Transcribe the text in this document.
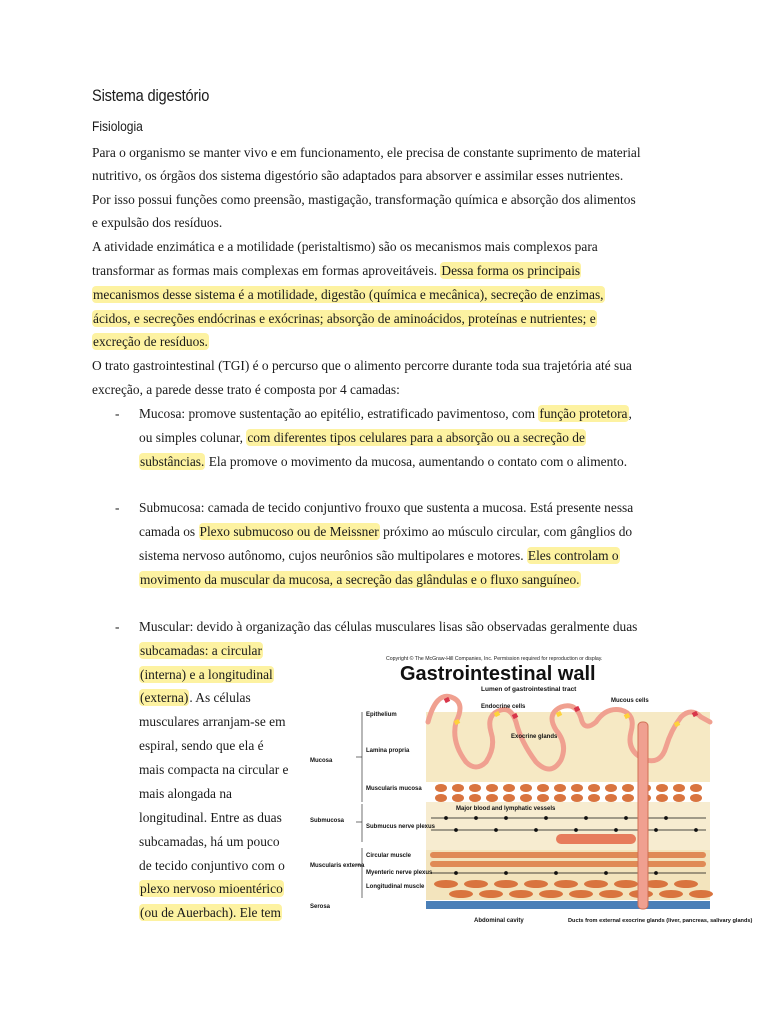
Sistema digestório
Fisiologia
Para o organismo se manter vivo e em funcionamento, ele precisa de constante suprimento de material
nutritivo, os órgãos dos sistema digestório são adaptados para absorver e assimilar esses nutrientes.
Por isso possui funções como preensão, mastigação, transformação química e absorção dos alimentos
e expulsão dos resíduos.
A atividade enzimática e a motilidade (peristaltismo) são os mecanismos mais complexos para
transformar as formas mais complexas em formas aproveitáveis. Dessa forma os principais
mecanismos desse sistema é a motilidade, digestão (química e mecânica), secreção de enzimas,
ácidos, e secreções endócrinas e exócrinas; absorção de aminoácidos, proteínas e nutrientes; e
excreção de resíduos.
O trato gastrointestinal (TGI) é o percurso que o alimento percorre durante toda sua trajetória até sua
excreção, a parede desse trato é composta por 4 camadas:
Mucosa: promove sustentação ao epitélio, estratificado pavimentoso, com função protetora,
ou simples colunar, com diferentes tipos celulares para a absorção ou a secreção de
substâncias. Ela promove o movimento da mucosa, aumentando o contato com o alimento.
Submucosa: camada de tecido conjuntivo frouxo que sustenta a mucosa. Está presente nessa
camada os Plexo submucoso ou de Meissner próximo ao músculo circular, com gânglios do
sistema nervoso autônomo, cujos neurônios são multipolares e motores. Eles controlam o
movimento da muscular da mucosa, a secreção das glândulas e o fluxo sanguíneo.
Muscular: devido à organização das células musculares lisas são observadas geralmente duas
subcamadas: a circular
(interna) e a longitudinal
(externa). As células
musculares arranjam-se em
espiral, sendo que ela é
mais compacta na circular e
mais alongada na
longitudinal. Entre as duas
subcamadas, há um pouco
de tecido conjuntivo com o
plexo nervoso mioentérico
(ou de Auerbach). Ele tem
-
-
-
Copyright © The McGraw-Hill Companies, Inc. Permission required for reproduction or display.
Gastrointestinal wall
Lumen of gastrointestinal tract
Epithelium
Lamina propria
Mucosa
Muscularis mucosa
Submucosa
Submucus nerve plexus
Circular muscle
Muscularis externa
Myenteric nerve plexus
Longitudinal muscle
Serosa
Endocrine cells
Exocrine glands
Mucous cells
Major blood and lymphatic vessels
Abdominal cavity	Ducts from external exocrine glands (liver, pancreas, salivary glands)
